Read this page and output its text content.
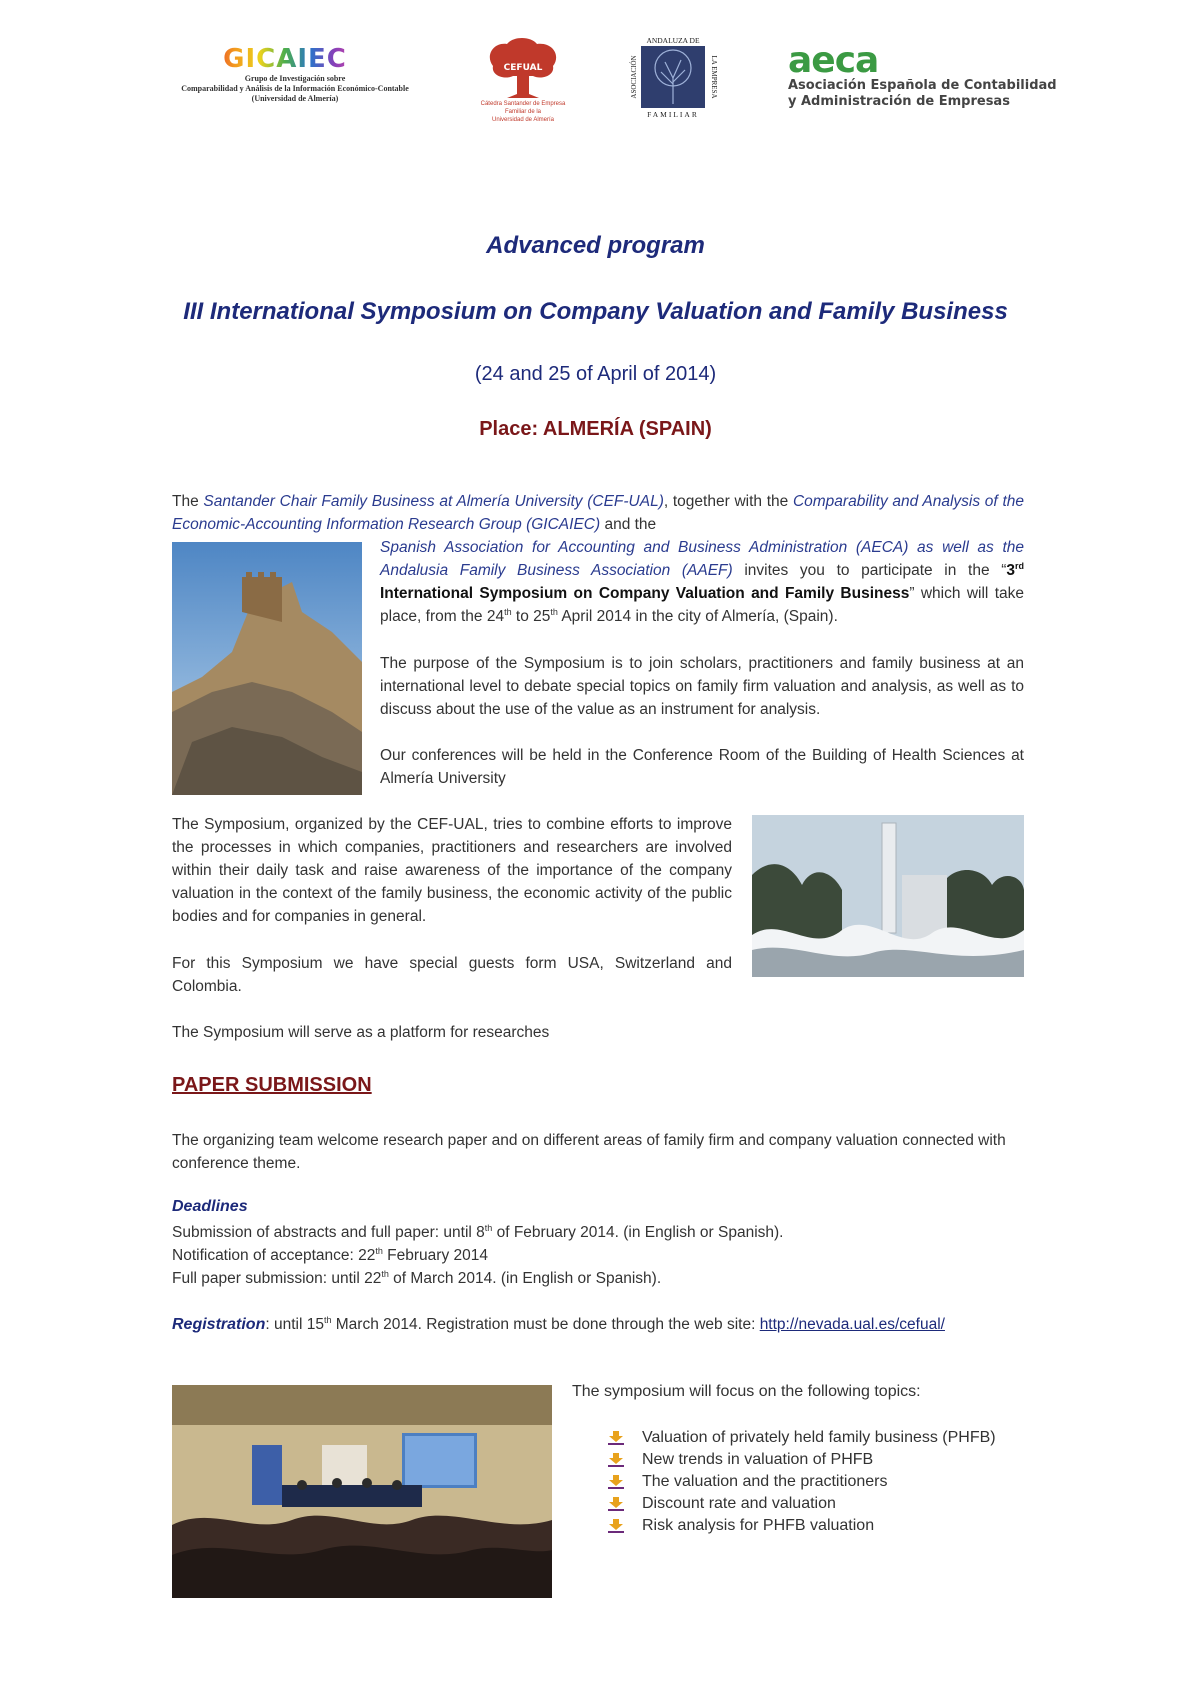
GICAIEC
Grupo de Investigación sobre
Comparabilidad y Análisis de la Información Económico-Contable
(Universidad de Almería)
CEFUAL
Cátedra Santander de Empresa
Familiar de la
Universidad de Almería
ANDALUZA DE
FAMILIAR
ASOCIACIÓN	LA EMPRESA aeca
Asociación Española de Contabilidad
y Administración de Empresas
Advanced program
III International Symposium on Company Valuation and Family Business
(24 and 25 of April of 2014)
Place: ALMERÍA (SPAIN)
The Santander Chair Family Business at Almería University (CEF-UAL), together with the Comparability and Analysis of the Economic-Accounting Information Research Group (GICAIEC) and the
Spanish Association for Accounting and Business Administration (AECA) as well as the Andalusia Family Business Association (AAEF) invites you to participate in the “3rd International Symposium on Company Valuation and Family Business” which will take place, from the 24th to 25th April 2014 in the city of Almería, (Spain).
The purpose of the Symposium is to join scholars, practitioners and family business at an international level to debate special topics on family firm valuation and analysis, as well as to discuss about the use of the value as an instrument for analysis.
Our conferences will be held in the Conference Room of the Building of Health Sciences at Almería University
The Symposium, organized by the CEF-UAL, tries to combine efforts to improve the processes in which companies, practitioners and researchers are involved within their daily task and raise awareness of the importance of the company valuation in the context of the family business, the economic activity of the public bodies and for companies in general.
For this Symposium we have special guests form USA, Switzerland and Colombia.
The Symposium will serve as a platform for researches
PAPER SUBMISSION
The organizing team welcome research paper and on different areas of family firm and company valuation connected with conference theme.
Deadlines
Submission of abstracts and full paper: until 8th of February 2014. (in English or Spanish).
Notification of acceptance: 22th February 2014
Full paper submission: until 22th of March 2014. (in English or Spanish).
Registration: until 15th March 2014. Registration must be done through the web site: http://nevada.ual.es/cefual/
The symposium will focus on the following topics:
Valuation of privately held family business (PHFB)
New trends in valuation of PHFB
The valuation and the practitioners
Discount rate and valuation
Risk analysis for PHFB valuation
